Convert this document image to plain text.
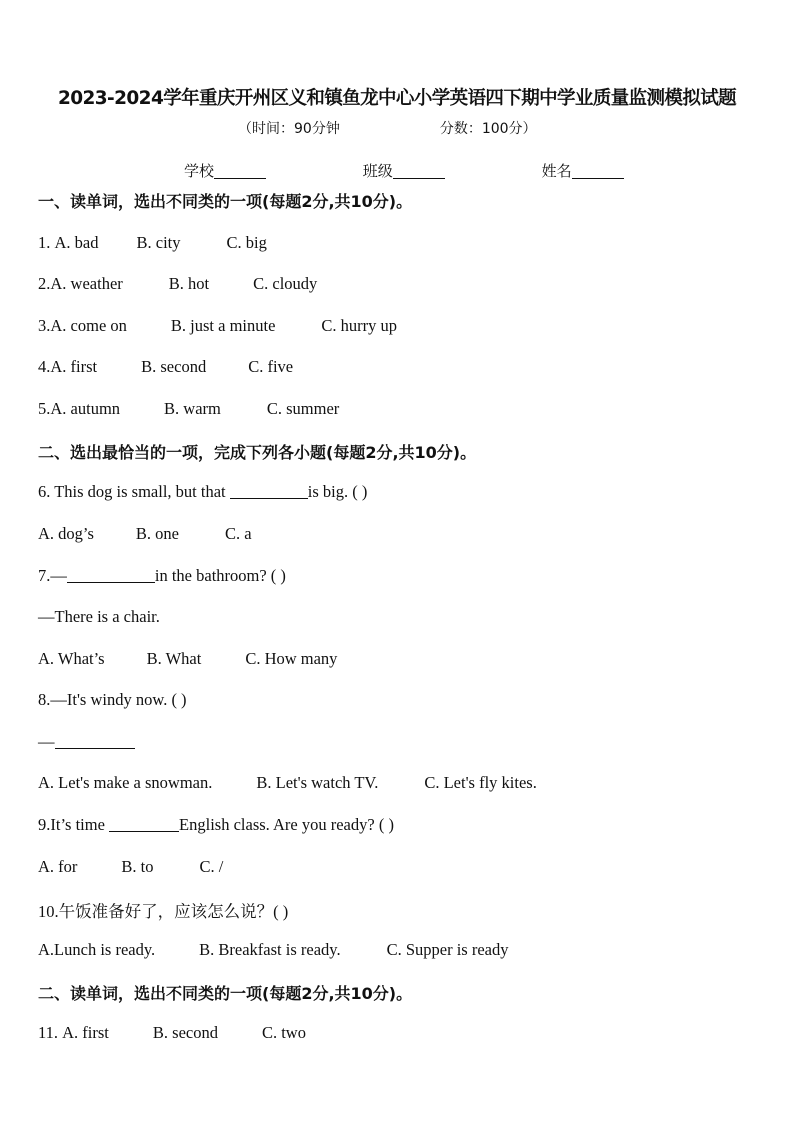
2023-2024学年重庆开州区义和镇鱼龙中心小学英语四下期中学业质量监测模拟试题
（时间：90分钟	分数：100分）
学校	班级	姓名
一、读单词，选出不同类的一项(每题2分,共10分)。
1. A. bad B. city	C. big
2.A. weather	B. hot	C. cloudy
3.A. come on	B. just a minute	C. hurry up
4.A. first	B. second	C. five
5.A. autumn	B. warm	C. summer
二、选出最恰当的一项，完成下列各小题(每题2分,共10分)。
6. This dog is small, but that	is big. ( )
A. dog’s	B. one	C. a
7.—	in the bathroom? ( )
—There is a chair.
A. What’s	B. What	C. How many
8.—It's windy now. ( )
—
A. Let's make a snowman.	B. Let's watch TV.	C. Let's fly kites.
9.It’s time	English class. Are you ready? ( )
A. for	B. to	C. /
10.午饭准备好了，应该怎么说？( )
A.Lunch is ready.	B. Breakfast is ready.	C. Supper is ready
二、读单词，选出不同类的一项(每题2分,共10分)。
11. A. first	B. second	C. two
